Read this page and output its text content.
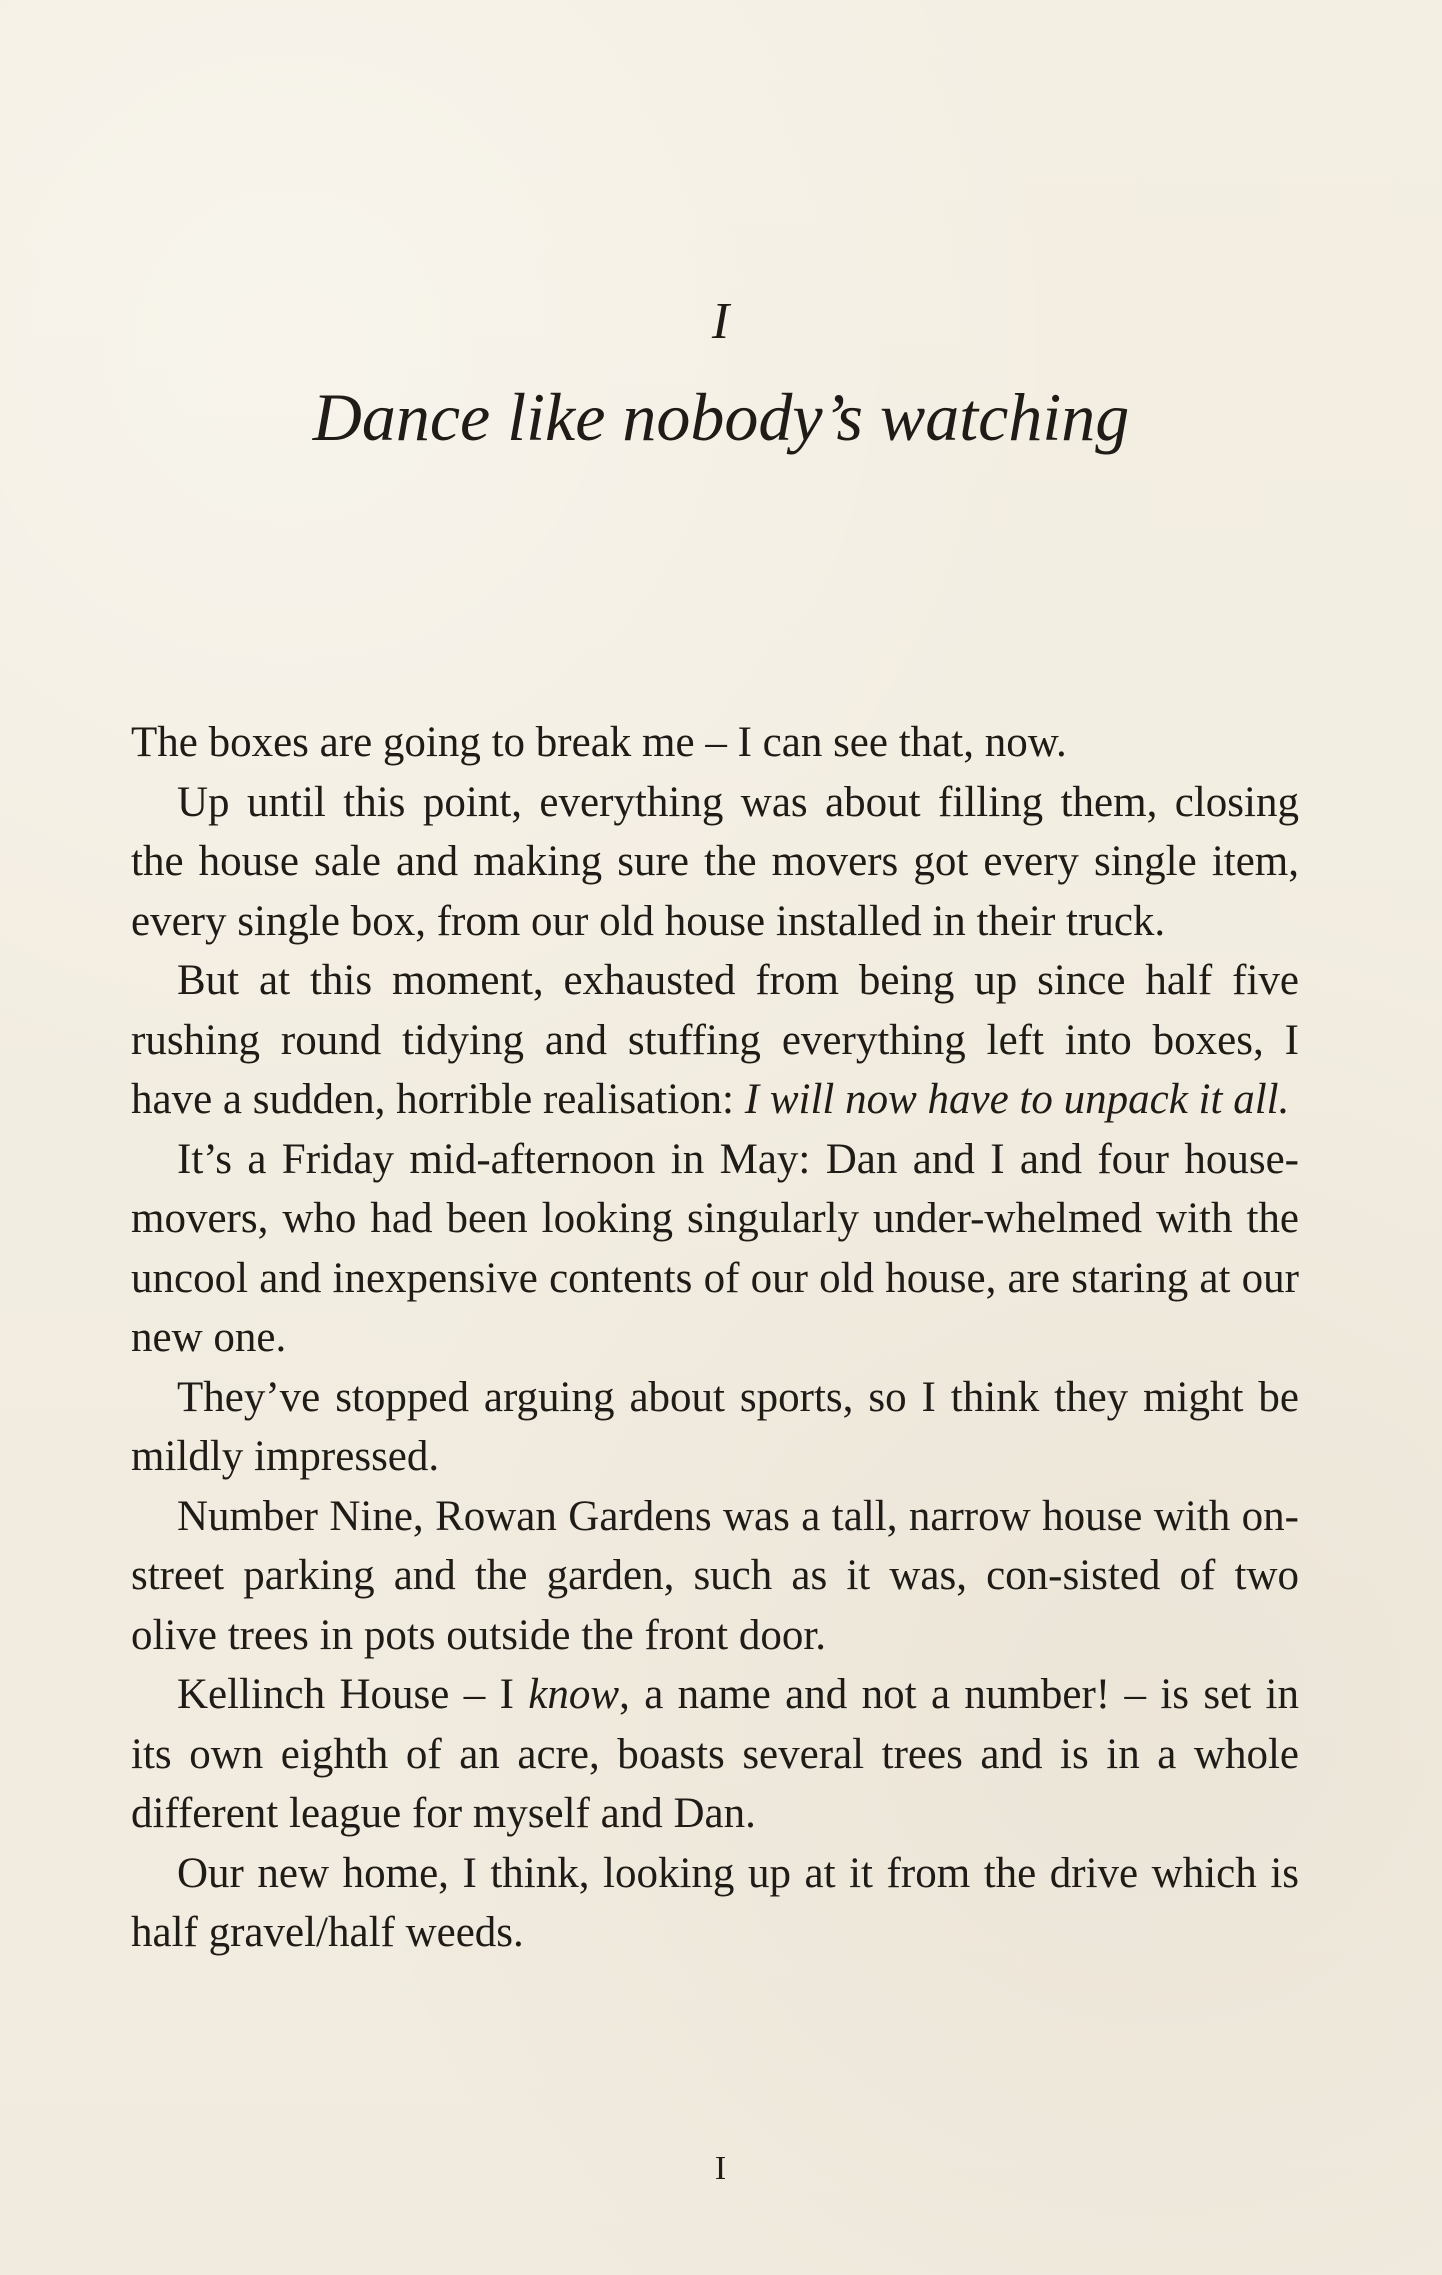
I
Dance like nobody’s watching

The boxes are going to break me – I can see that, now.

Up until this point, everything was about filling them, closing the house sale and making sure the movers got every single item, every single box, from our old house installed in their truck.

But at this moment, exhausted from being up since half five rushing round tidying and stuffing everything left into boxes, I have a sudden, horrible realisation: I will now have to unpack it all.

It’s a Friday mid-afternoon in May: Dan and I and four house-movers, who had been looking singularly under-whelmed with the uncool and inexpensive contents of our old house, are staring at our new one.

They’ve stopped arguing about sports, so I think they might be mildly impressed.

Number Nine, Rowan Gardens was a tall, narrow house with on-street parking and the garden, such as it was, con-sisted of two olive trees in pots outside the front door.

Kellinch House – I know, a name and not a number! – is set in its own eighth of an acre, boasts several trees and is in a whole different league for myself and Dan.

Our new home, I think, looking up at it from the drive which is half gravel/half weeds.

I
